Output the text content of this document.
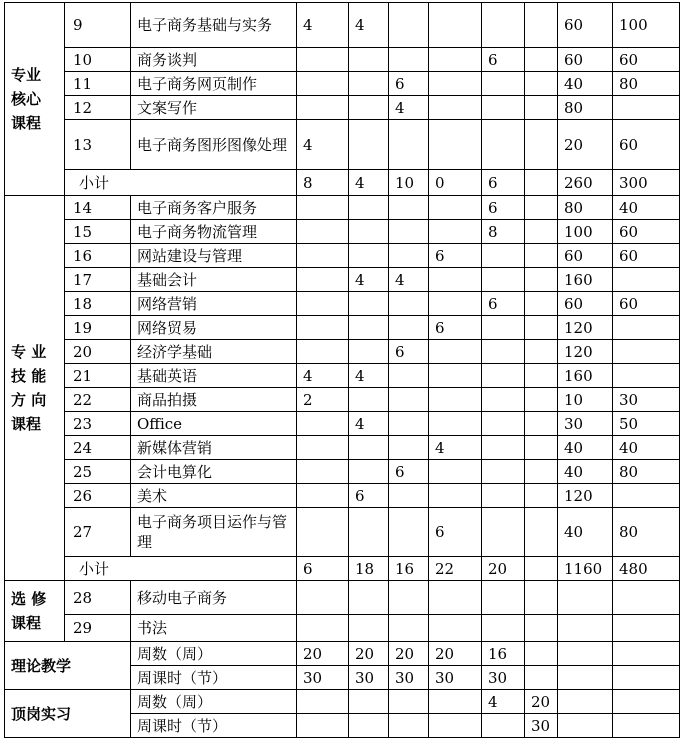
专业
核心
课程	9	电子商务基础与实务	4	4					60	100
	10	商务谈判					6		60	60
	11	电子商务网页制作			6				40	80
	12	文案写作			4				80	
	13	电子商务图形图像处理	4						20	60
	小计		8	4	10	0	6		260	300

专 业
技 能
方 向
课程	14	电子商务客户服务					6		80	40
	15	电子商务物流管理					8		100	60
	16	网站建设与管理				6			60	60
	17	基础会计		4	4				160	
	18	网络营销					6		60	60
	19	网络贸易				6			120	
	20	经济学基础			6				120	
	21	基础英语	4	4					160	
	22	商品拍摄	2						10	30
	23	Office		4					30	50
	24	新媒体营销				4			40	40
	25	会计电算化			6				40	80
	26	美术		6					120	
	27	电子商务项目运作与管理				6			40	80
	小计		6	18	16	22	20		1160	480

选 修
课程	28	移动电子商务								
	29	书法								
理论教学		周数（周）	20	20	20	20	16			
		周课时（节）	30	30	30	30	30			
顶岗实习		周数（周）					4	20		
		周课时（节）						30		
